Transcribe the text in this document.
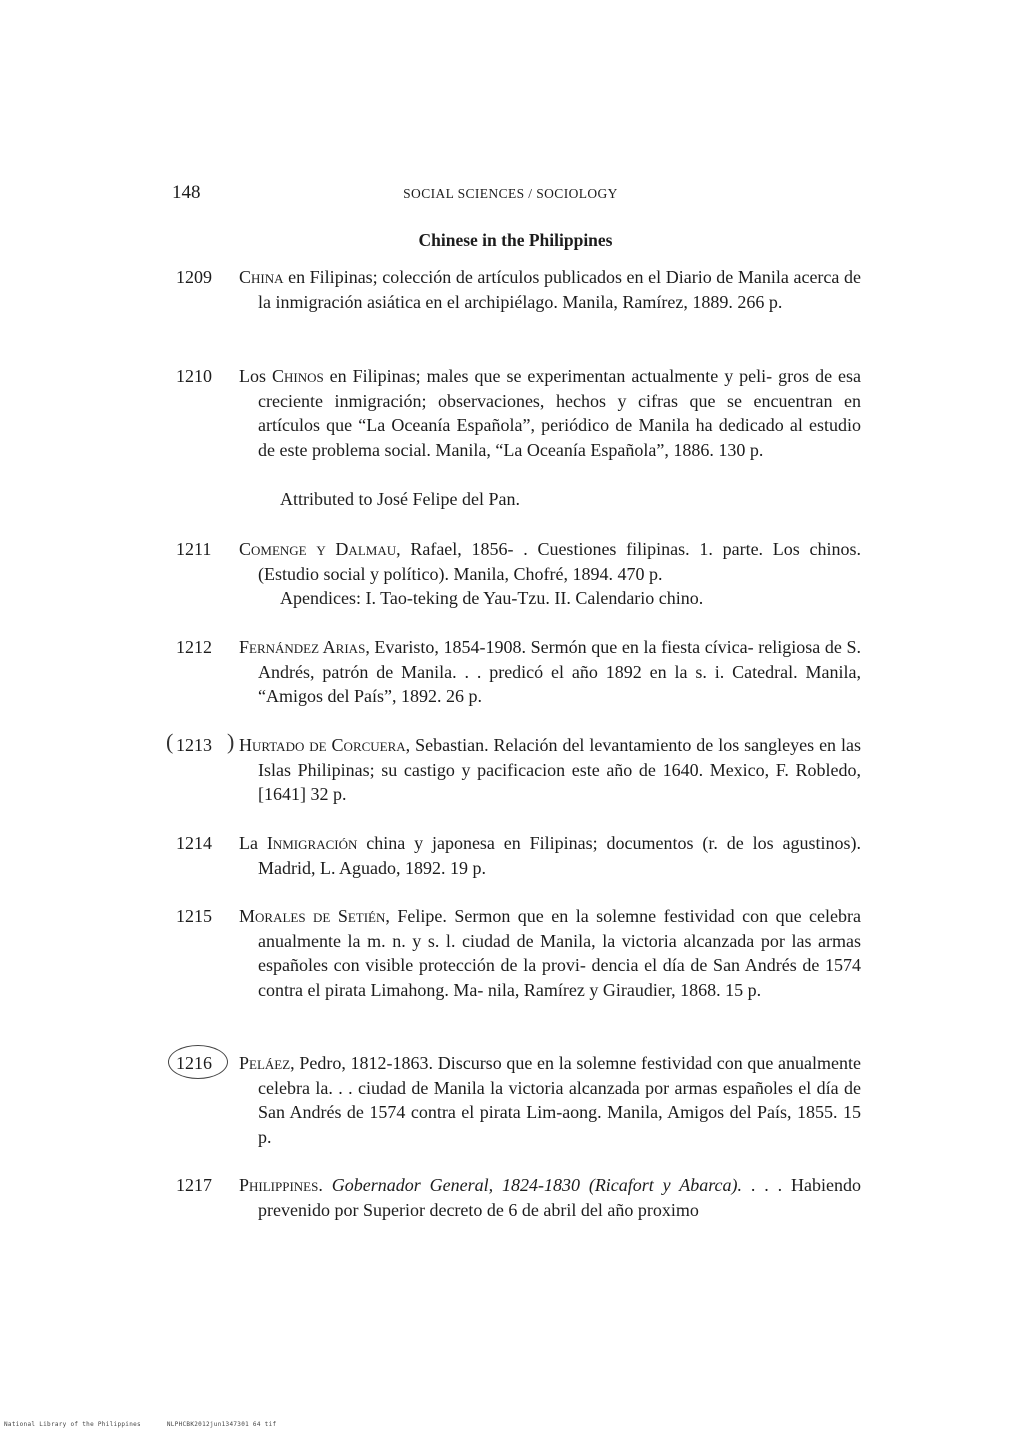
148	SOCIAL SCIENCES / SOCIOLOGY
Chinese in the Philippines
1209 China en Filipinas; colección de artículos publicados en el Diario de Manila acerca de la inmigración asiática en el archipiélago. Manila, Ramírez, 1889. 266 p.
1210 Los Chinos en Filipinas; males que se experimentan actualmente y peli- gros de esa creciente inmigración; observaciones, hechos y cifras que se encuentran en artículos que “La Oceanía Española”, periódico de Manila ha dedicado al estudio de este problema social. Manila, “La Oceanía Española”, 1886. 130 p.
Attributed to José Felipe del Pan.
1211 Comenge y Dalmau, Rafael, 1856- . Cuestiones filipinas. 1. parte. Los chinos. (Estudio social y político). Manila, Chofré, 1894. 470 p.
Apendices: I. Tao-teking de Yau-Tzu. II. Calendario chino.
1212 Fernández Arias, Evaristo, 1854-1908. Sermón que en la fiesta cívica- religiosa de S. Andrés, patrón de Manila. . . predicó el año 1892 en la s. i. Catedral. Manila, “Amigos del País”, 1892. 26 p.
1213 Hurtado de Corcuera, Sebastian. Relación del levantamiento de los sangleyes en las Islas Philipinas; su castigo y pacificacion este año de 1640. Mexico, F. Robledo, [1641] 32 p.
( )
1214 La Inmigración china y japonesa en Filipinas; documentos (r. de los agustinos). Madrid, L. Aguado, 1892. 19 p.
1215 Morales de Setién, Felipe. Sermon que en la solemne festividad con que celebra anualmente la m. n. y s. l. ciudad de Manila, la victoria alcanzada por las armas españoles con visible protección de la provi- dencia el día de San Andrés de 1574 contra el pirata Limahong. Ma- nila, Ramírez y Giraudier, 1868. 15 p.
1216 Peláez, Pedro, 1812-1863. Discurso que en la solemne festividad con que anualmente celebra la. . . ciudad de Manila la victoria alcanzada por armas españoles el día de San Andrés de 1574 contra el pirata Lim-aong. Manila, Amigos del País, 1855. 15 p.
1217 Philippines. Gobernador General, 1824-1830 (Ricafort y Abarca). . . . Habiendo prevenido por Superior decreto de 6 de abril del año proximo
National Library of the Philippines	NLPHCBK2012jun1347301 64 tif
